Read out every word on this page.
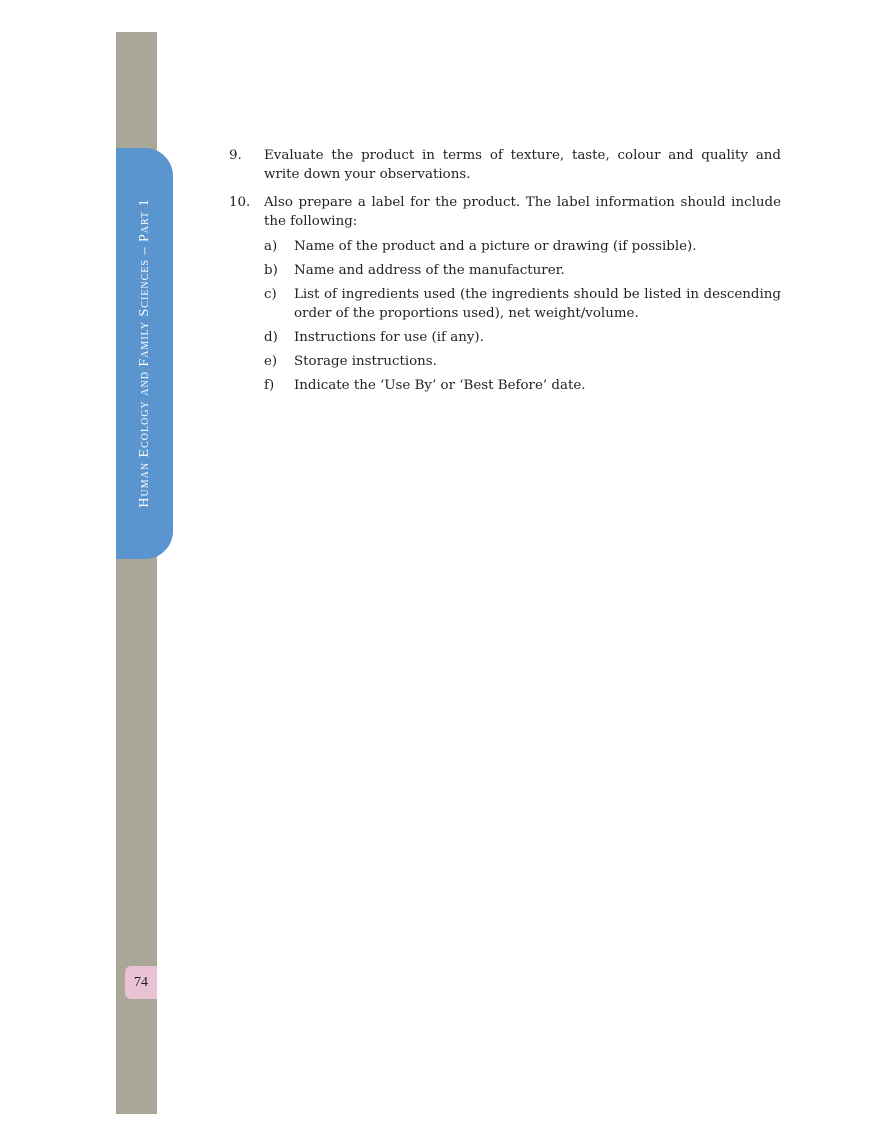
Human Ecology and Family Sciences – Part 1
74
9.	Evaluate the product in terms of texture, taste, colour and quality and write down your observations.
10.	Also prepare a label for the product. The label information should include the following:
a)	Name of the product and a picture or drawing (if possible).
b)	Name and address of the manufacturer.
c)	List of ingredients used (the ingredients should be listed in descending order of the proportions used), net weight/volume.
d)	Instructions for use (if any).
e)	Storage instructions.
f)	Indicate the ‘Use By’ or ‘Best Before’ date.
